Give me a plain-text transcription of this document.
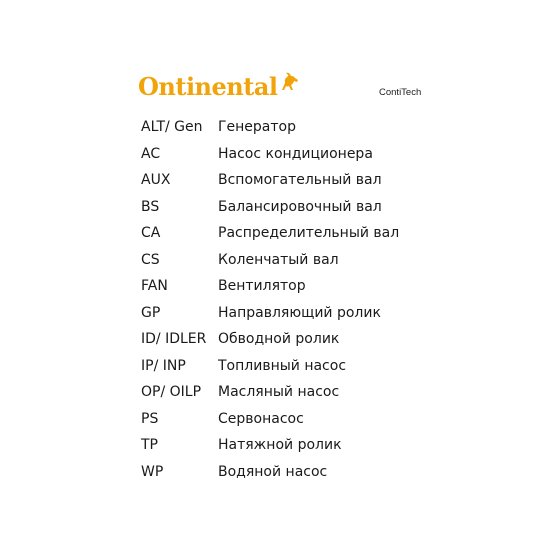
Ontinental	ContiTech
ALT/ Gen Генератор
AC	Насос кондиционера
AUX	Вспомогательный вал
BS	Балансировочный вал
CA	Распределительный вал
CS	Коленчатый вал
FAN	Вентилятор
GP	Направляющий ролик
ID/ IDLER Обводной ролик
IP/ INP Топливный насос
OP/ OILP Масляный насос
PS	Сервонасос
TP	Натяжной ролик
WP	Водяной насос
